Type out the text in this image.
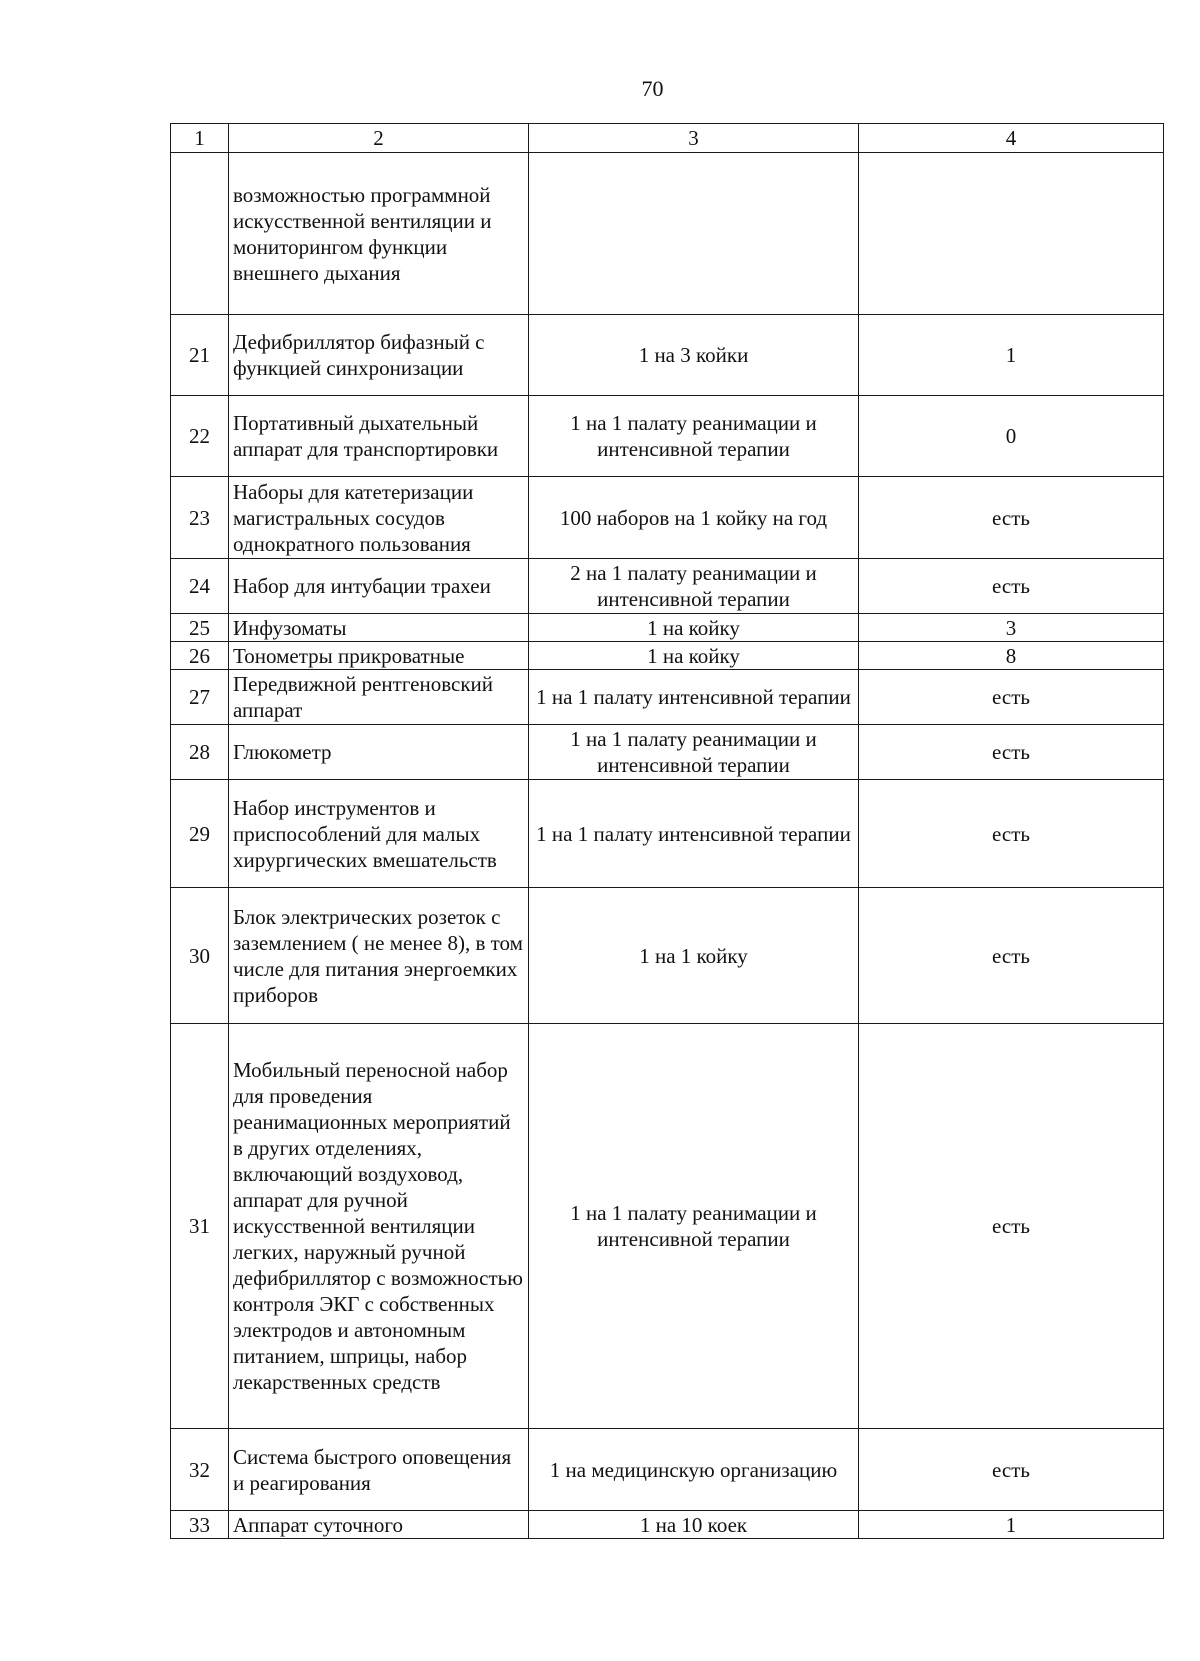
70
1	2	3	4
	возможностью программной искусственной вентиляции и мониторингом функции внешнего дыхания		
21	Дефибриллятор бифазный с функцией синхронизации	1 на 3 койки	1
22	Портативный дыхательный аппарат для транспортировки	1 на 1 палату реанимации и интенсивной терапии	0
23	Наборы для катетеризации магистральных сосудов однократного пользования	100 наборов на 1 койку на год	есть
24	Набор для интубации трахеи	2 на 1 палату реанимации и интенсивной терапии	есть
25	Инфузоматы	1 на койку	3
26	Тонометры прикроватные	1 на койку	8
27	Передвижной рентгеновский аппарат	1 на 1 палату интенсивной терапии	есть
28	Глюкометр	1 на 1 палату реанимации и интенсивной терапии	есть
29	Набор инструментов и приспособлений для малых хирургических вмешательств	1 на 1 палату интенсивной терапии	есть
30	Блок электрических розеток с заземлением ( не менее 8), в том числе для питания энергоемких приборов	1 на 1 койку	есть
31	Мобильный переносной набор для проведения реанимационных мероприятий в других отделениях, включающий воздуховод, аппарат для ручной искусственной вентиляции легких, наружный ручной дефибриллятор с возможностью контроля ЭКГ с собственных электродов и автономным питанием, шприцы, набор лекарственных средств	1 на 1 палату реанимации и интенсивной терапии	есть
32	Система быстрого оповещения и реагирования	1 на медицинскую организацию	есть
33	Аппарат суточного	1 на 10 коек	1
